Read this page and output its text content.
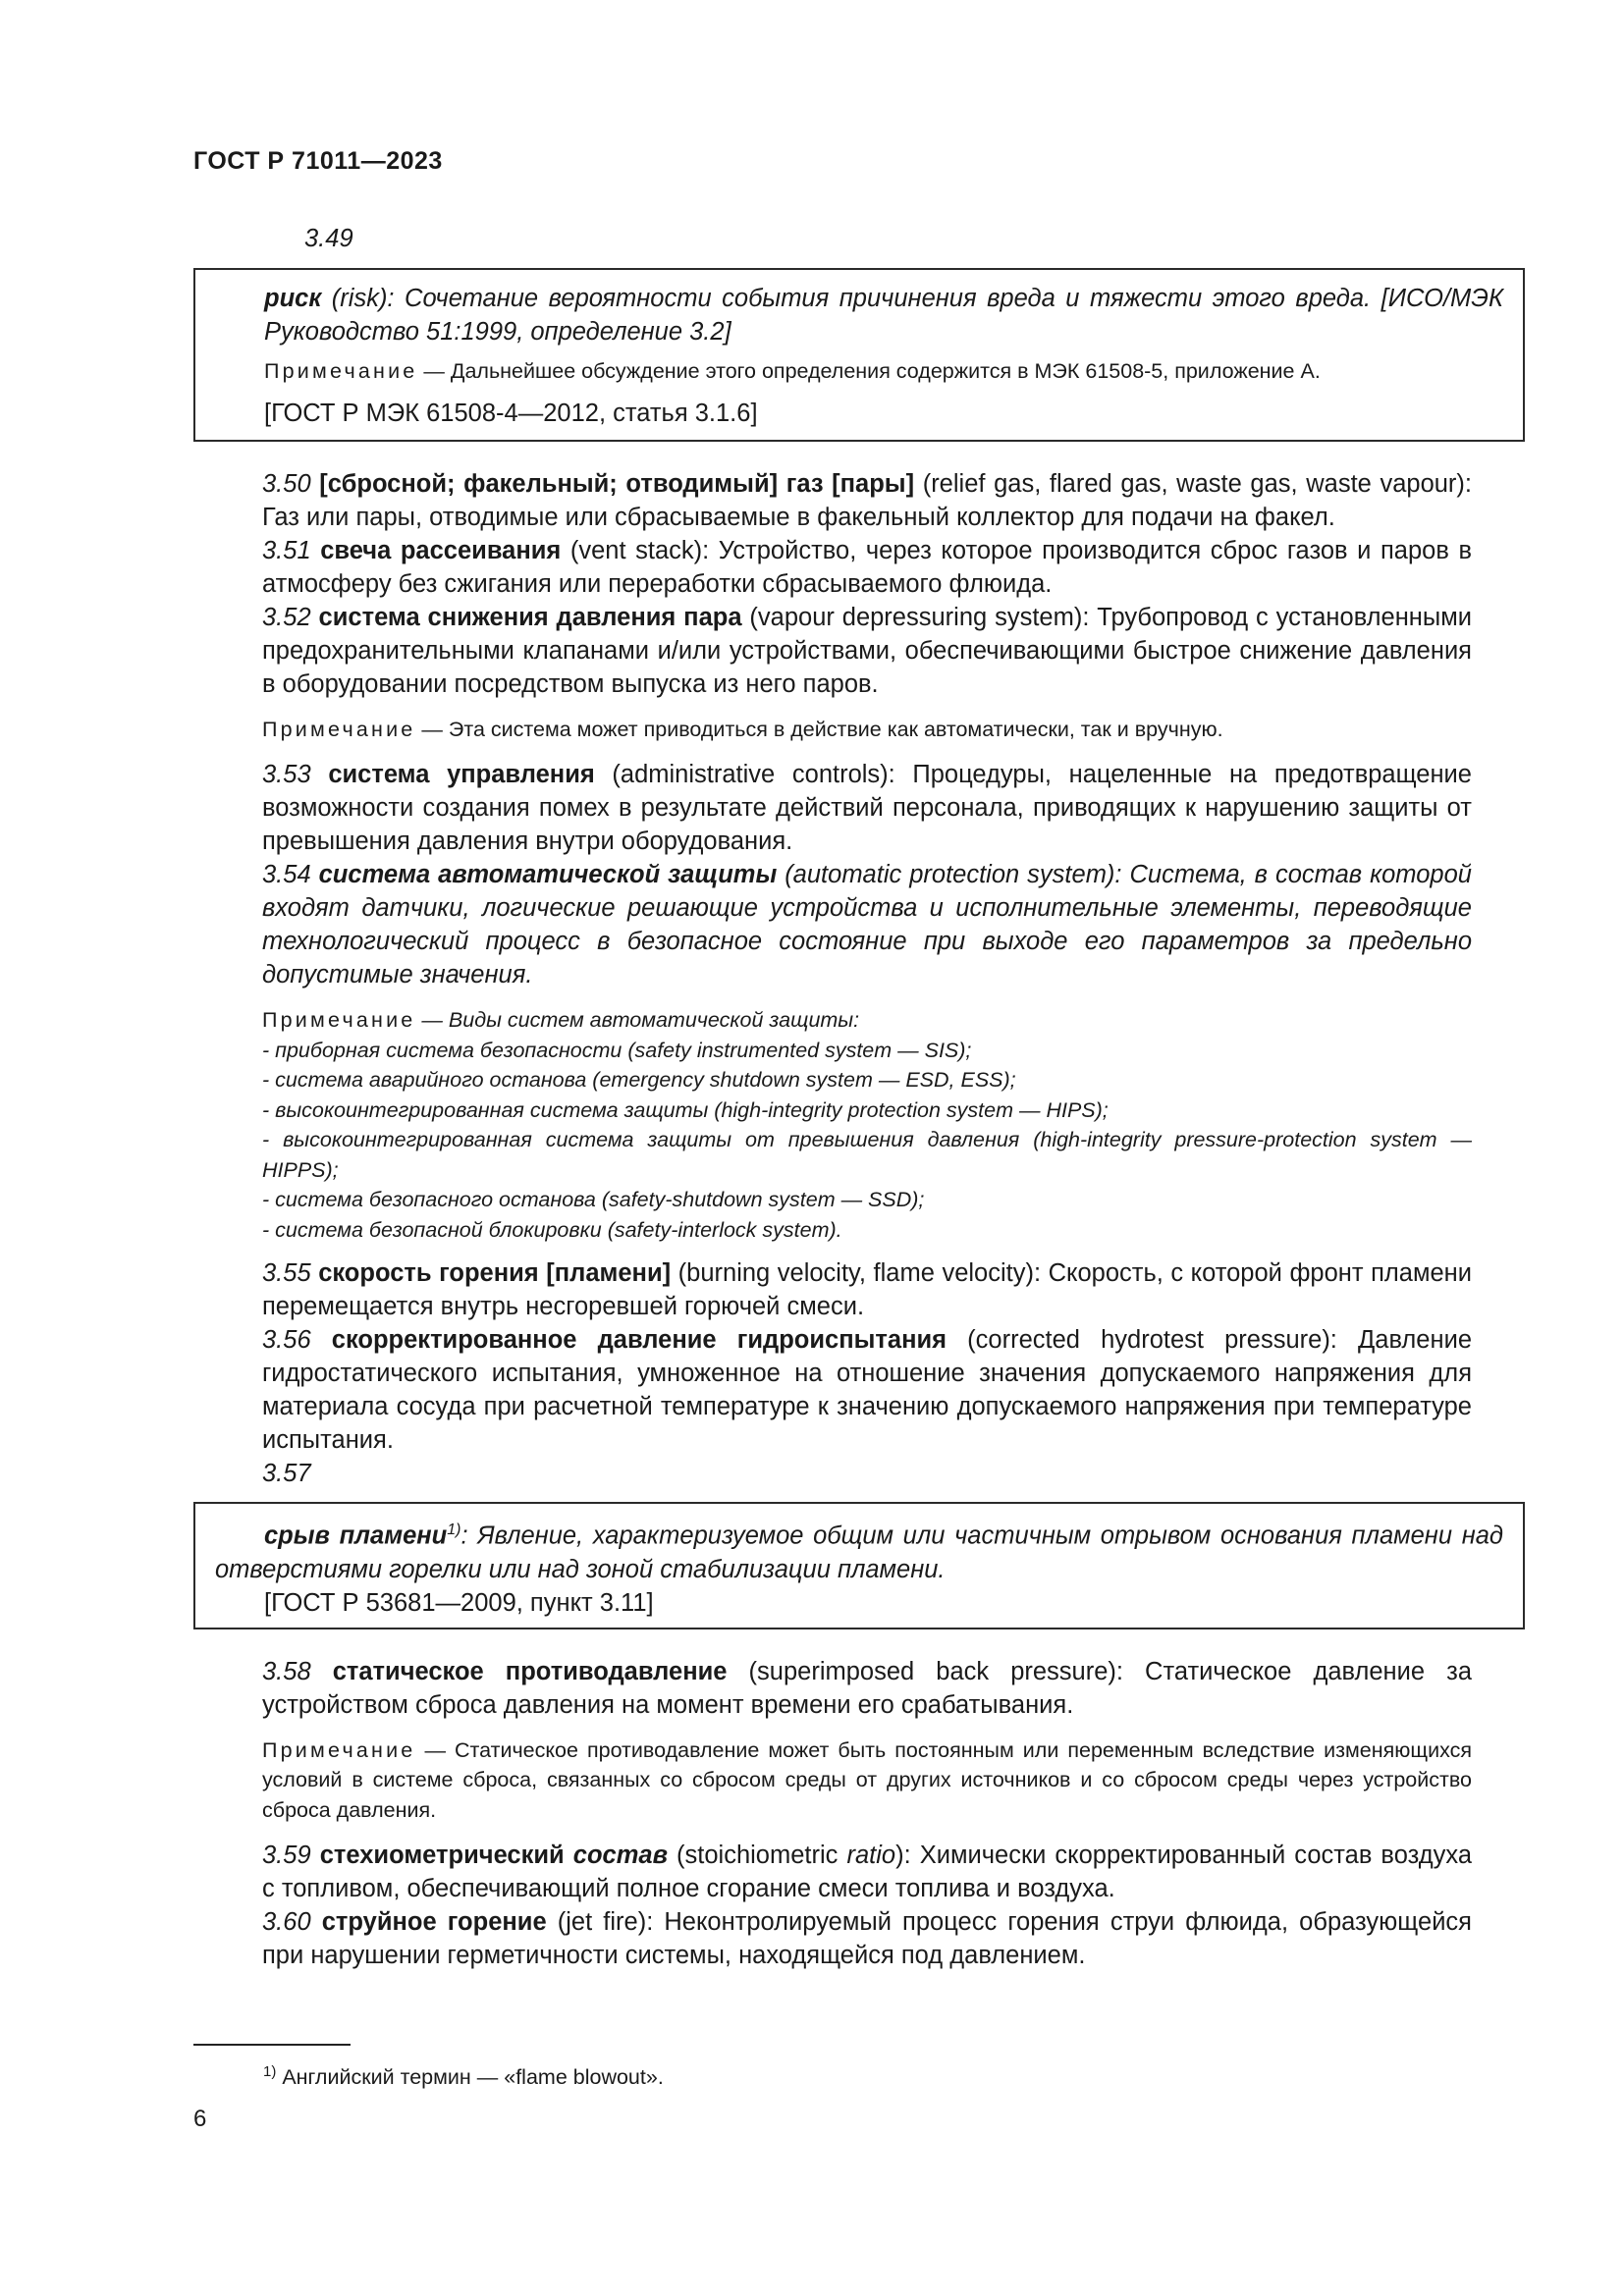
ГОСТ Р 71011—2023
3.49

риск (risk): Сочетание вероятности события причинения вреда и тяжести этого вреда. [ИСО/МЭК Руководство 51:1999, определение 3.2]

Примечание — Дальнейшее обсуждение этого определения содержится в МЭК 61508-5, приложение А.

[ГОСТ Р МЭК 61508-4—2012, статья 3.1.6]

3.50 [сбросной; факельный; отводимый] газ [пары] (relief gas, flared gas, waste gas, waste vapour): Газ или пары, отводимые или сбрасываемые в факельный коллектор для подачи на факел.

3.51 свеча рассеивания (vent stack): Устройство, через которое производится сброс газов и паров в атмосферу без сжигания или переработки сбрасываемого флюида.

3.52 система снижения давления пара (vapour depressuring system): Трубопровод с установленными предохранительными клапанами и/или устройствами, обеспечивающими быстрое снижение давления в оборудовании посредством выпуска из него паров.

Примечание — Эта система может приводиться в действие как автоматически, так и вручную.

3.53 система управления (administrative controls): Процедуры, нацеленные на предотвращение возможности создания помех в результате действий персонала, приводящих к нарушению защиты от превышения давления внутри оборудования.

3.54 система автоматической защиты (automatic protection system): Система, в состав которой входят датчики, логические решающие устройства и исполнительные элементы, переводящие технологический процесс в безопасное состояние при выходе его параметров за предельно допустимые значения.

Примечание — Виды систем автоматической защиты:

- приборная система безопасности (safety instrumented system — SIS);

- система аварийного останова (emergency shutdown system — ESD, ESS);

- высокоинтегрированная система защиты (high-integrity protection system — HIPS);

- высокоинтегрированная система защиты от превышения давления (high-integrity pressure-protection system — HIPPS);

- система безопасного останова (safety-shutdown system — SSD);

- система безопасной блокировки (safety-interlock system).

3.55 скорость горения [пламени] (burning velocity, flame velocity): Скорость, с которой фронт пламени перемещается внутрь несгоревшей горючей смеси.

3.56 скорректированное давление гидроиспытания (corrected hydrotest pressure): Давление гидростатического испытания, умноженное на отношение значения допускаемого напряжения для материала сосуда при расчетной температуре к значению допускаемого напряжения при температуре испытания.

3.57

срыв пламени$^{1)}$: Явление, характеризуемое общим или частичным отрывом основания пламени над отверстиями горелки или над зоной стабилизации пламени.

[ГОСТ Р 53681—2009, пункт 3.11]

3.58 статическое противодавление (superimposed back pressure): Статическое давление за устройством сброса давления на момент времени его срабатывания.

Примечание — Статическое противодавление может быть постоянным или переменным вследствие изменяющихся условий в системе сброса, связанных со сбросом среды от других источников и со сбросом среды через устройство сброса давления.

3.59 стехиометрический состав (stoichiometric ratio): Химически скорректированный состав воздуха с топливом, обеспечивающий полное сгорание смеси топлива и воздуха.

3.60 струйное горение (jet fire): Неконтролируемый процесс горения струи флюида, образующейся при нарушении герметичности системы, находящейся под давлением.

$^{1)}$ Английский термин — «flame blowout».
6
